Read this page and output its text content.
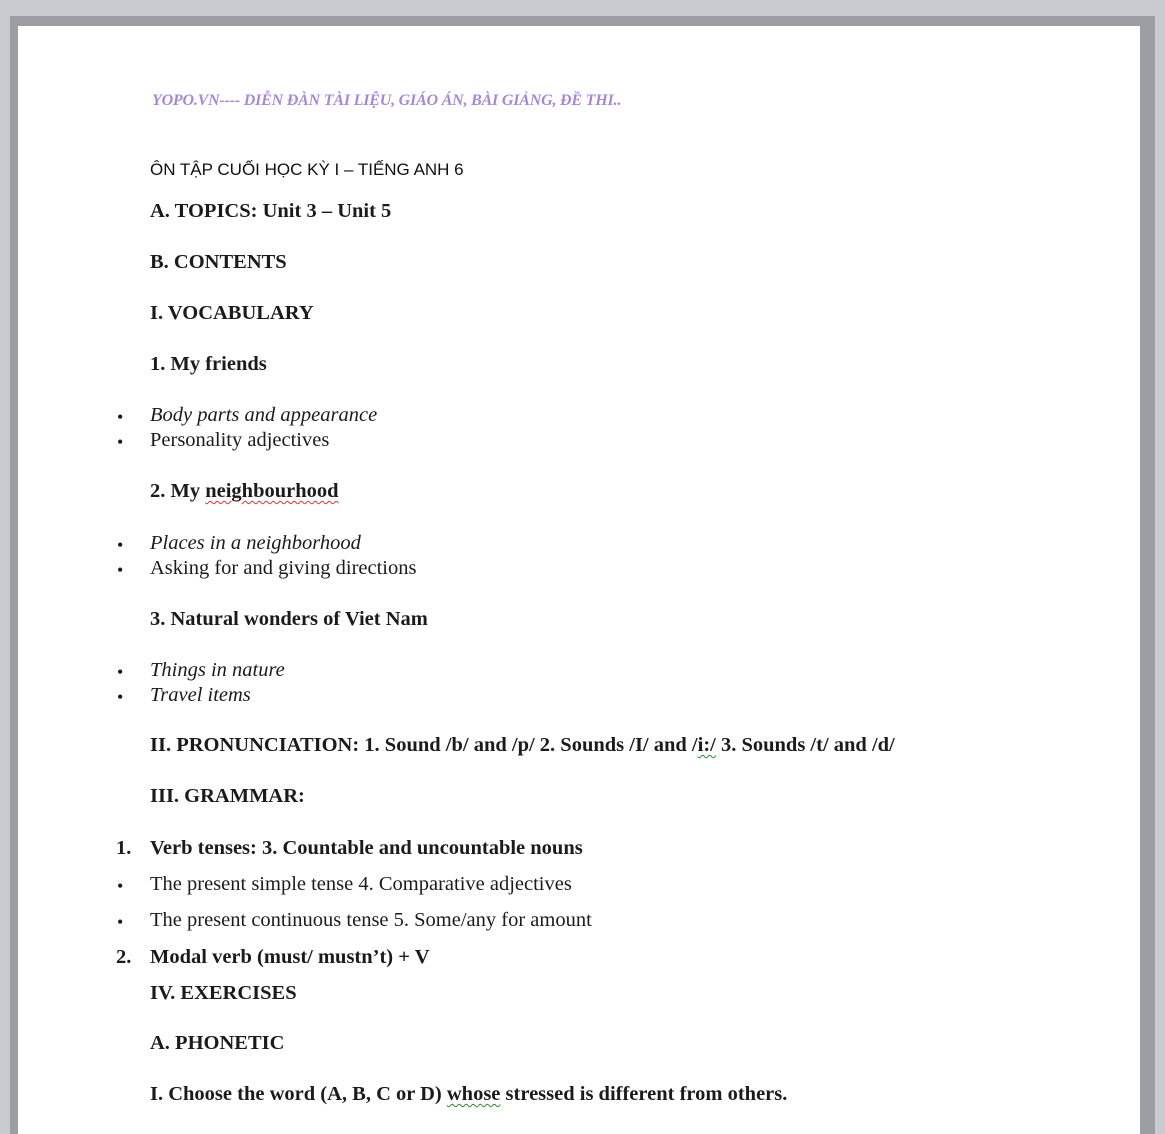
YOPO.VN---- DIỄN ĐÀN TÀI LIỆU, GIÁO ÁN, BÀI GIẢNG, ĐỀ THI..
ÔN TẬP CUỐI HỌC KỲ I – TIẾNG ANH 6
A. TOPICS: Unit 3 – Unit 5
B. CONTENTS
I. VOCABULARY
1. My friends
• Body parts and appearance
• Personality adjectives
2. My neighbourhood
• Places in a neighborhood
• Asking for and giving directions
3. Natural wonders of Viet Nam
• Things in nature
• Travel items
II. PRONUNCIATION: 1. Sound /b/ and /p/ 2. Sounds /I/ and /i:/ 3. Sounds /t/ and /d/
III. GRAMMAR:
1. Verb tenses: 3. Countable and uncountable nouns
• The present simple tense 4. Comparative adjectives
• The present continuous tense 5. Some/any for amount
2. Modal verb (must/ mustn’t) + V
IV. EXERCISES
A. PHONETIC
I. Choose the word (A, B, C or D) whose stressed is different from others.
